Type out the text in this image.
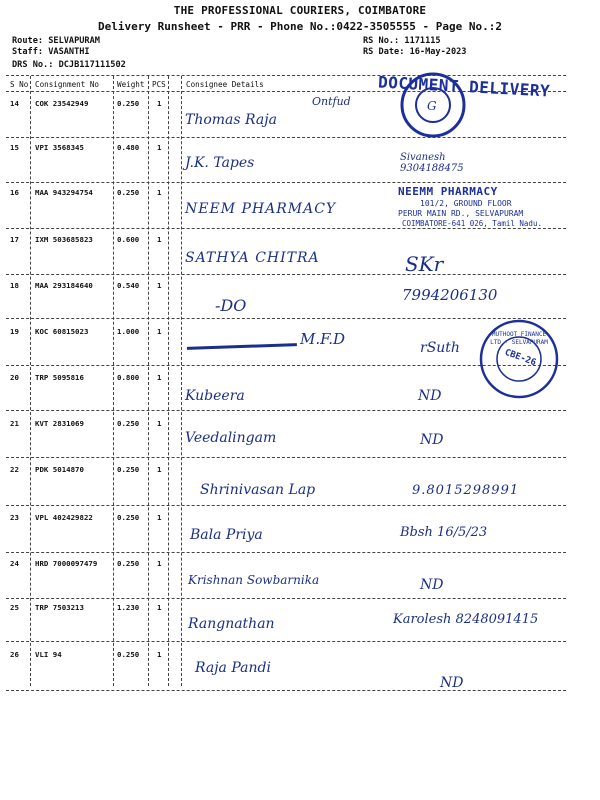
THE PROFESSIONAL COURIERS, COIMBATORE
Delivery Runsheet - PRR - Phone No.:0422-3505555 - Page No.:2
Route: SELVAPURAM
Staff: VASANTHI
DRS No.: DCJB117111502
RS No.: 1171115
RS Date: 16-May-2023
S No Consignment No Weight PCS	Consignee Details
14 COK 23542949	0.250 1
Thomas Raja
Ontfud
15 VPI 3568345	0.480 1
J.K. Tapes	Sivanesh 9304188475
16 MAA 943294754	0.250 1
NEEM PHARMACY
17 IXM 503685823	0.600 1
SATHYA CHITRA	SKr
18 MAA 293184640	0.540 1
-DO
7994206130
19 KOC 60815023	1.000 1	M.F.D	rSuth
20 TRP 5095816	0.800 1
Kubeera	ND
21 KVT 2831069	0.250 1
Veedalingam	ND
22 PDK 5014870	0.250 1
Shrinivasan Lap	9.8015298991
23 VPL 402429822	0.250 1
Bala Priya	Bbsh 16/5/23
24 HRD 7000097479	0.250 1
Krishnan Sowbarnika	ND
25 TRP 7503213	1.230 1
Rangnathan	Karolesh 8248091415
26 VLI 94	0.250 1
Raja Pandi
ND
G
DOCUMENT DELIVERY
NEEMM PHARMACY
101/2, GROUND FLOOR
PERUR MAIN RD., SELVAPURAM
COIMBATORE-641 026, Tamil Nadu.
MUTHOOT FINANCE LTD · SELVAPURAM
CBE-26
